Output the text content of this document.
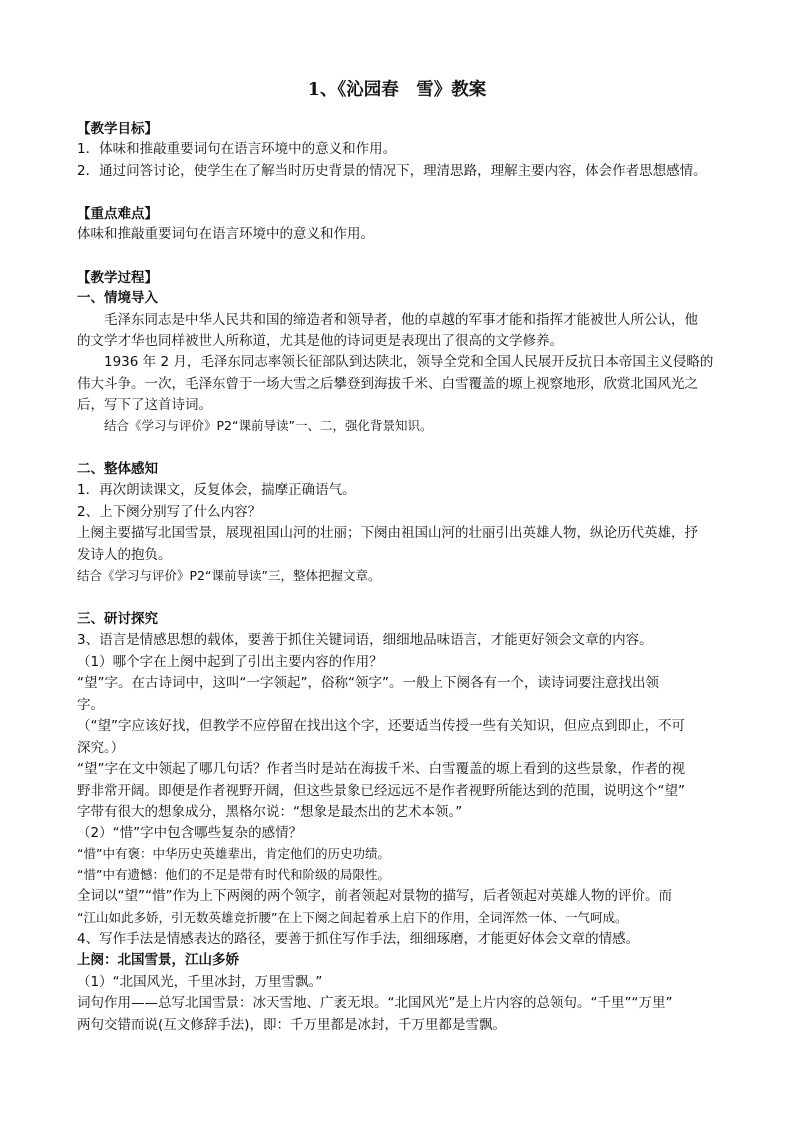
1、《沁园春　雪》教案
【教学目标】
1．体味和推敲重要词句在语言环境中的意义和作用。
2．通过问答讨论，使学生在了解当时历史背景的情况下，理清思路，理解主要内容，体会作者思想感情。
【重点难点】
体味和推敲重要词句在语言环境中的意义和作用。
【教学过程】
一、情境导入
毛泽东同志是中华人民共和国的缔造者和领导者，他的卓越的军事才能和指挥才能被世人所公认，他
的文学才华也同样被世人所称道，尤其是他的诗词更是表现出了很高的文学修养。
1936 年 2 月，毛泽东同志率领长征部队到达陕北，领导全党和全国人民展开反抗日本帝国主义侵略的
伟大斗争。一次，毛泽东曾于一场大雪之后攀登到海拔千米、白雪覆盖的塬上视察地形，欣赏北国风光之
后，写下了这首诗词。
结合《学习与评价》P2“课前导读”一、二，强化背景知识。
二、整体感知
1．再次朗读课文，反复体会，揣摩正确语气。
2、上下阕分别写了什么内容？
上阕主要描写北国雪景，展现祖国山河的壮丽；下阕由祖国山河的壮丽引出英雄人物，纵论历代英雄，抒
发诗人的抱负。
结合《学习与评价》P2“课前导读”三，整体把握文章。
三、研讨探究
3、语言是情感思想的载体，要善于抓住关键词语，细细地品味语言，才能更好领会文章的内容。
（1）哪个字在上阕中起到了引出主要内容的作用？
“望”字。在古诗词中，这叫“一字领起”，俗称“领字”。一般上下阕各有一个，读诗词要注意找出领
字。
（“望”字应该好找，但教学不应停留在找出这个字，还要适当传授一些有关知识，但应点到即止，不可
深究。）
“望”字在文中领起了哪几句话？作者当时是站在海拔千米、白雪覆盖的塬上看到的这些景象，作者的视
野非常开阔。即便是作者视野开阔，但这些景象已经远远不是作者视野所能达到的范围，说明这个“望”
字带有很大的想象成分，黑格尔说：“想象是最杰出的艺术本领。”
（2）“惜”字中包含哪些复杂的感情？
“惜”中有褒：中华历史英雄辈出，肯定他们的历史功绩。
“惜”中有遗憾：他们的不足是带有时代和阶级的局限性。
全词以“望”“惜”作为上下两阕的两个领字，前者领起对景物的描写，后者领起对英雄人物的评价。而
“江山如此多娇，引无数英雄竞折腰”在上下阕之间起着承上启下的作用，全词浑然一体、一气呵成。
4、写作手法是情感表达的路径，要善于抓住写作手法，细细琢磨，才能更好体会文章的情感。
上阕：北国雪景，江山多娇
（1）“北国风光，千里冰封，万里雪飘。”
词句作用——总写北国雪景：冰天雪地、广袤无垠。“北国风光”是上片内容的总领句。“千里”“万里”
两句交错而说(互文修辞手法)，即：千万里都是冰封，千万里都是雪飘。
